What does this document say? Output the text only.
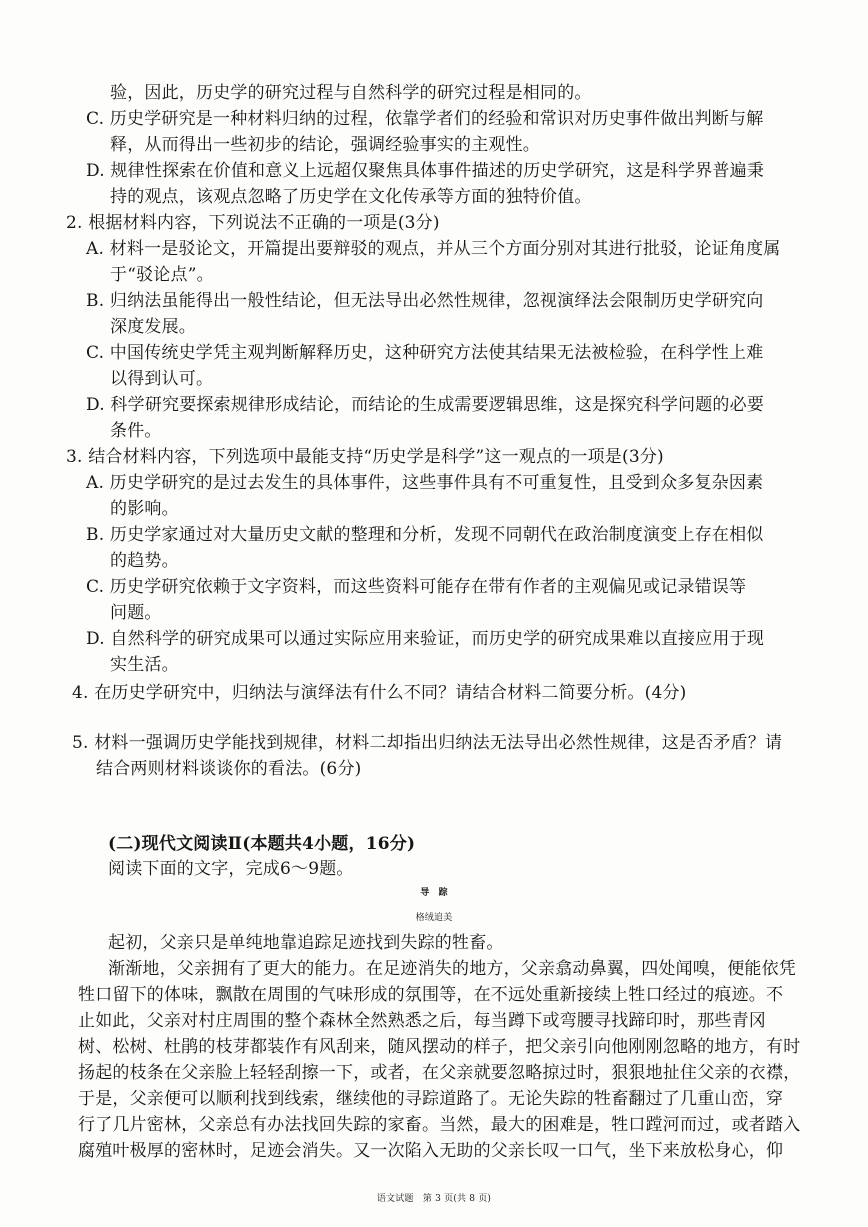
验，因此，历史学的研究过程与自然科学的研究过程是相同的。
C. 历史学研究是一种材料归纳的过程，依靠学者们的经验和常识对历史事件做出判断与解
释，从而得出一些初步的结论，强调经验事实的主观性。
D. 规律性探索在价值和意义上远超仅聚焦具体事件描述的历史学研究，这是科学界普遍秉
持的观点，该观点忽略了历史学在文化传承等方面的独特价值。
2. 根据材料内容，下列说法不正确的一项是(3分)
A. 材料一是驳论文，开篇提出要辩驳的观点，并从三个方面分别对其进行批驳，论证角度属
于“驳论点”。
B. 归纳法虽能得出一般性结论，但无法导出必然性规律，忽视演绎法会限制历史学研究向
深度发展。
C. 中国传统史学凭主观判断解释历史，这种研究方法使其结果无法被检验，在科学性上难
以得到认可。
D. 科学研究要探索规律形成结论，而结论的生成需要逻辑思维，这是探究科学问题的必要
条件。
3. 结合材料内容，下列选项中最能支持“历史学是科学”这一观点的一项是(3分)
A. 历史学研究的是过去发生的具体事件，这些事件具有不可重复性，且受到众多复杂因素
的影响。
B. 历史学家通过对大量历史文献的整理和分析，发现不同朝代在政治制度演变上存在相似
的趋势。
C. 历史学研究依赖于文字资料，而这些资料可能存在带有作者的主观偏见或记录错误等
问题。
D. 自然科学的研究成果可以通过实际应用来验证，而历史学的研究成果难以直接应用于现
实生活。
4. 在历史学研究中，归纳法与演绎法有什么不同？请结合材料二简要分析。(4分)
5. 材料一强调历史学能找到规律，材料二却指出归纳法无法导出必然性规律，这是否矛盾？请
结合两则材料谈谈你的看法。(6分)
(二)现代文阅读Ⅱ(本题共4小题，16分)
阅读下面的文字，完成6～9题。
导　踪
格绒追美
起初，父亲只是单纯地靠追踪足迹找到失踪的牲畜。
渐渐地，父亲拥有了更大的能力。在足迹消失的地方，父亲翕动鼻翼，四处闻嗅，便能依凭
牲口留下的体味，飘散在周围的气味形成的氛围等，在不远处重新接续上牲口经过的痕迹。不
止如此，父亲对村庄周围的整个森林全然熟悉之后，每当蹲下或弯腰寻找蹄印时，那些青冈
树、松树、杜鹃的枝芽都装作有风刮来，随风摆动的样子，把父亲引向他刚刚忽略的地方，有时
扬起的枝条在父亲脸上轻轻刮擦一下，或者，在父亲就要忽略掠过时，狠狠地扯住父亲的衣襟，
于是，父亲便可以顺利找到线索，继续他的寻踪道路了。无论失踪的牲畜翻过了几重山峦，穿
行了几片密林，父亲总有办法找回失踪的家畜。当然，最大的困难是，牲口蹚河而过，或者踏入
腐殖叶极厚的密林时，足迹会消失。又一次陷入无助的父亲长叹一口气，坐下来放松身心，仰
语文试题　第 3 页(共 8 页)
